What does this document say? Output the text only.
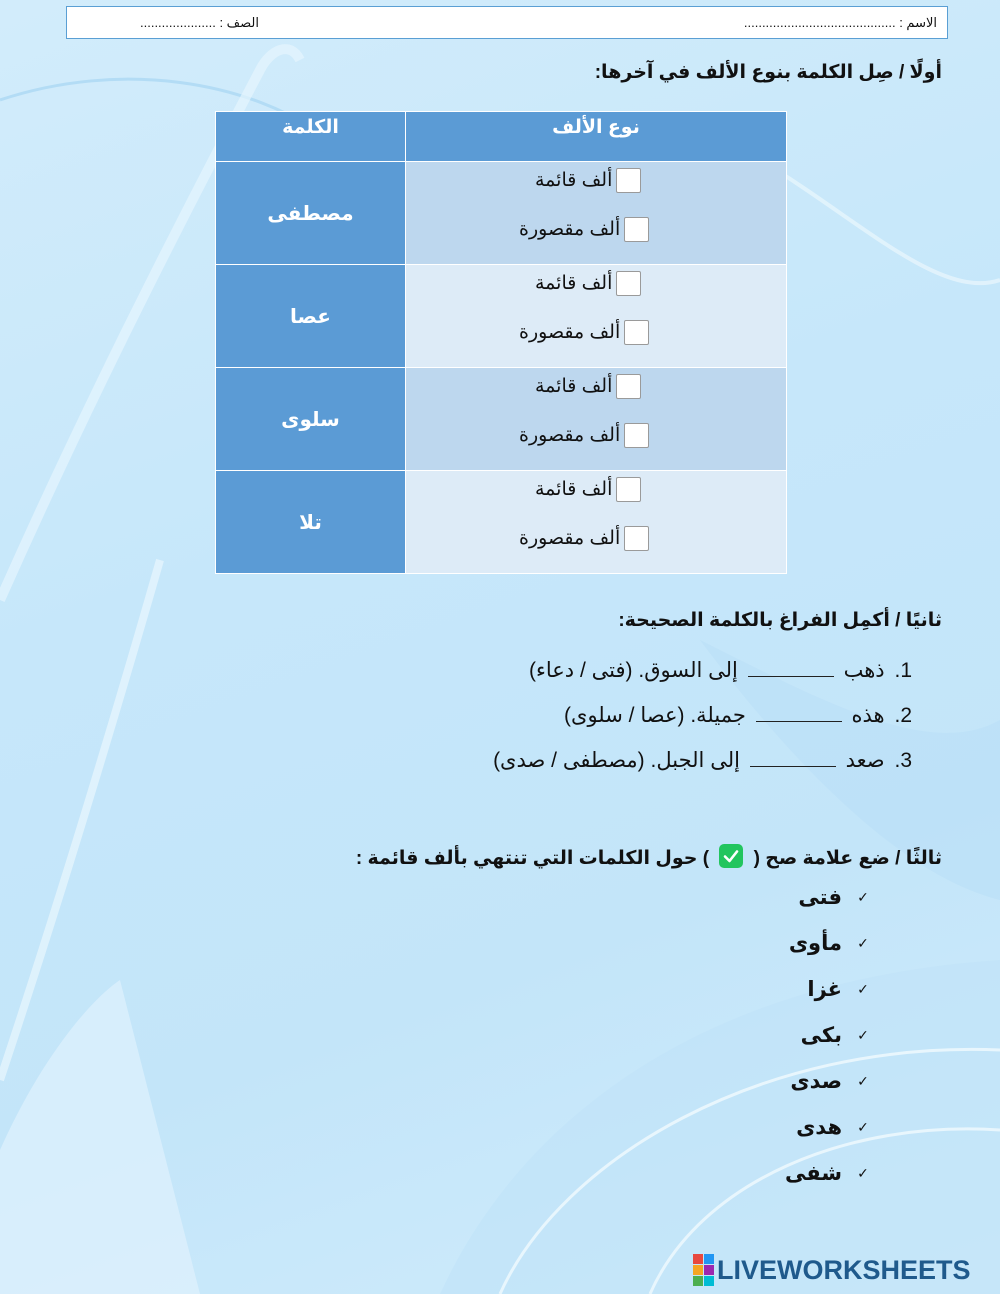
الاسم : ..........................................
الصف : .....................
أولًا / صِل الكلمة بنوع الألف في آخرها:
الكلمة	نوع الألف
مصطفى	ألف قائمة
ألف مقصورة

عصا	ألف قائمة
ألف مقصورة

سلوى	ألف قائمة
ألف مقصورة

تلا	ألف قائمة
ألف مقصورة
ثانيًا / أكمِل الفراغ بالكلمة الصحيحة:
1. ذهب  إلى السوق. (فتى / دعاء)
2. هذه  جميلة. (عصا / سلوى)
3. صعد  إلى الجبل. (مصطفى / صدى)
ثالثًا / ضع علامة صح (
) حول الكلمات التي تنتهي بألف قائمة :
✓
فتى
✓
مأوى
✓
غزا
✓
بكى
✓
صدى
✓
هدى
✓
شفى
LIVEWORKSHEETS
